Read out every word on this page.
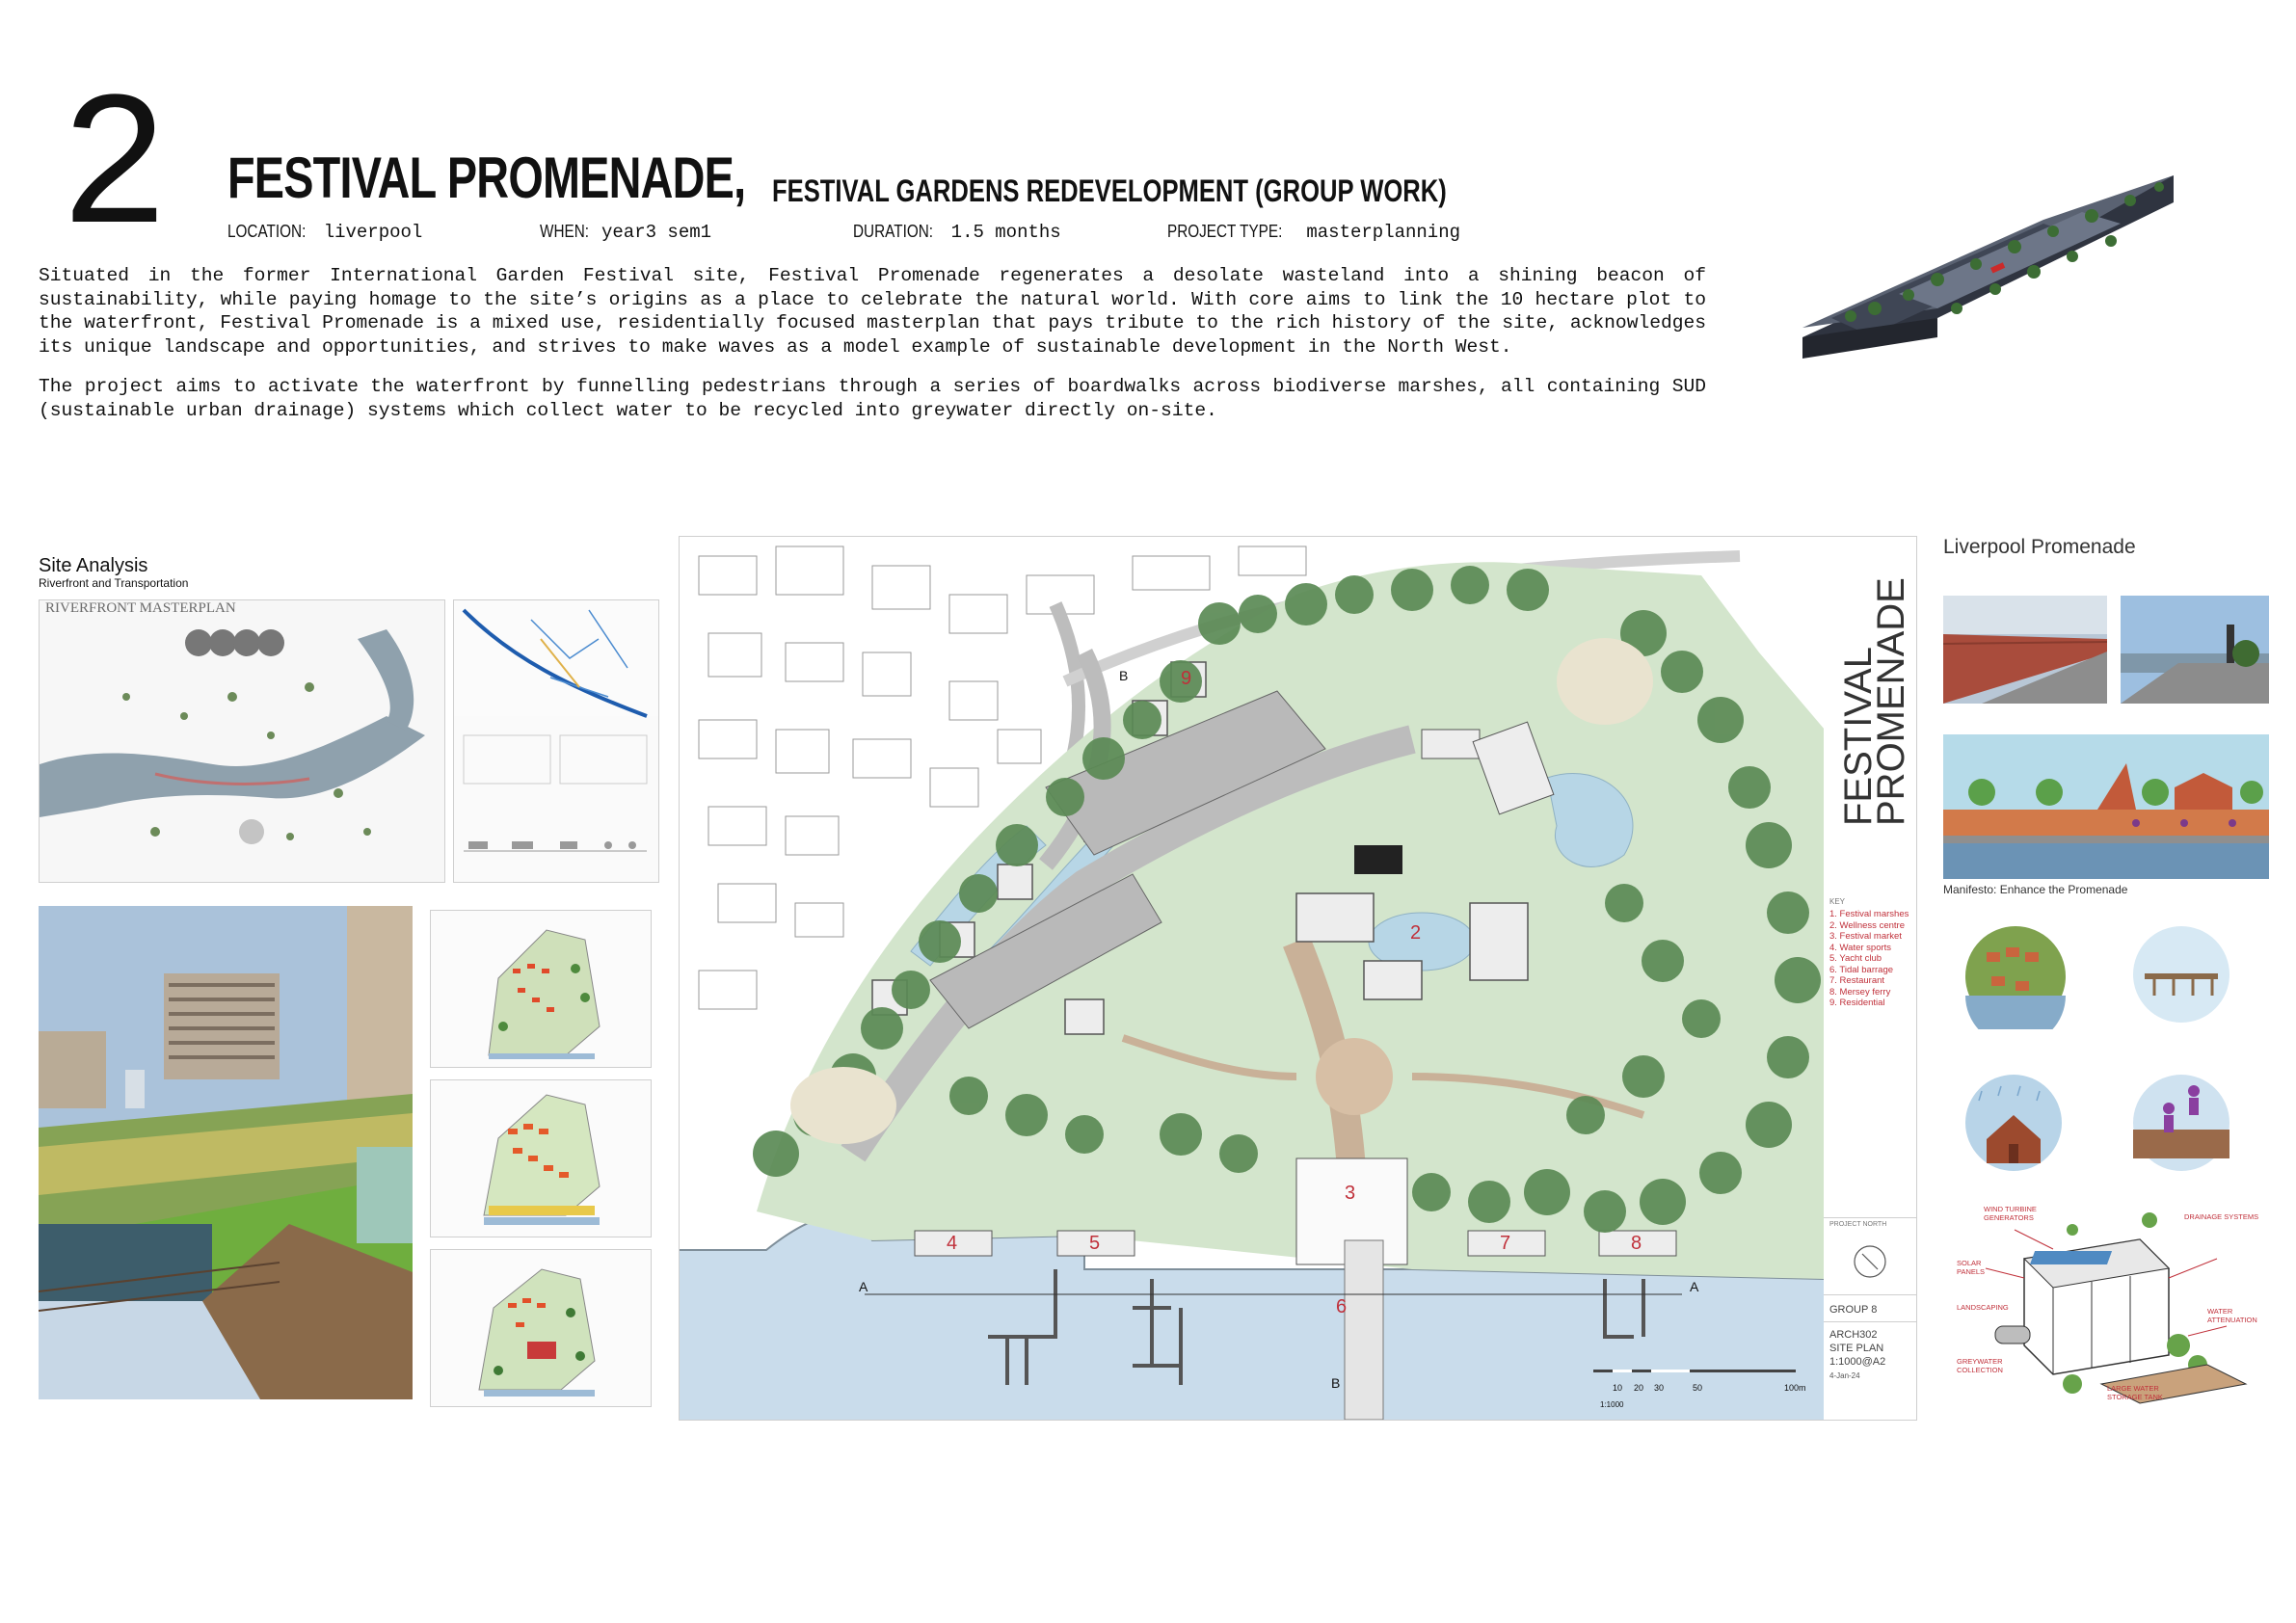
2 FESTIVAL PROMENADE, FESTIVAL GARDENS REDEVELOPMENT (GROUP WORK)
LOCATION: liverpool	WHEN: year3 sem1	DURATION: 1.5 months	PROJECT TYPE: masterplanning
Situated in the former International Garden Festival site, Festival Promenade regenerates a desolate wasteland into a shining beacon of sustainability, while paying homage to the site’s origins as a place to celebrate the natural world. With core aims to link the 10 hectare plot to the waterfront, Festival Promenade is a mixed use, residentially focused masterplan that pays tribute to the rich history of the site, acknowledges its unique landscape and opportunities, and strives to make waves as a model example of sustainable development in the North West.
The project aims to activate the waterfront by funnelling pedestrians through a series of boardwalks across biodiverse marshes, all containing SUD (sustainable urban drainage) systems which collect water to be recycled into greywater directly on-site.
Site Analysis
Riverfront and Transportation
RIVERFRONT MASTERPLAN
2
3
4	5
6
7	8
9
A	A
B
B	10 20 30	50	100m
1:1000
FESTIVAL
PROMENADE
KEY
1. Festival marshes
2. Wellness centre
3. Festival market
4. Water sports
5. Yacht club
6. Tidal barrage
7. Restaurant
8. Mersey ferry
9. Residential
PROJECT NORTH
GROUP 8
ARCH302
SITE PLAN
1:1000@A2
4-Jan-24
Liverpool Promenade
Manifesto: Enhance the Promenade
WIND TURBINE GENERATORS
SOLAR PANELS
LANDSCAPING
GREYWATER COLLECTION
DRAINAGE SYSTEMS
WATER ATTENUATION
LARGE WATER STORAGE TANK
